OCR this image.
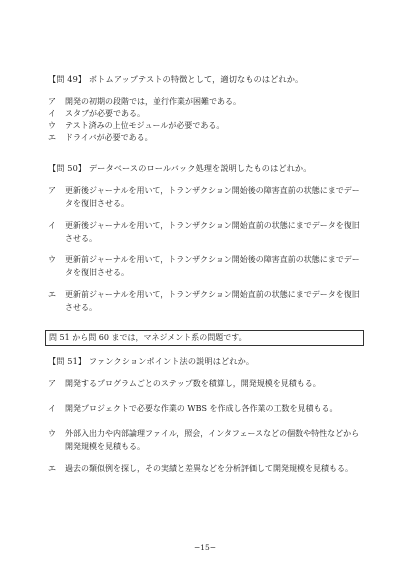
【問 49】 ボトムアップテストの特徴として，適切なものはどれか。
ア	開発の初期の段階では，並行作業が困難である。
イ	スタブが必要である。
ウ	テスト済みの上位モジュールが必要である。
エ	ドライバが必要である。
【問 50】 データベースのロールバック処理を説明したものはどれか。
ア	更新後ジャーナルを用いて，トランザクション開始後の障害直前の状態にまでデータを復旧させる。
イ	更新後ジャーナルを用いて，トランザクション開始直前の状態にまでデータを復旧させる。
ウ	更新前ジャーナルを用いて，トランザクション開始後の障害直前の状態にまでデータを復旧させる。
エ	更新前ジャーナルを用いて，トランザクション開始直前の状態にまでデータを復旧させる。
問 51 から問 60 までは，マネジメント系の問題です。
【問 51】 ファンクションポイント法の説明はどれか。
ア	開発するプログラムごとのステップ数を積算し，開発規模を見積もる。
イ	開発プロジェクトで必要な作業の WBS を作成し各作業の工数を見積もる。
ウ	外部入出力や内部論理ファイル，照会，インタフェースなどの個数や特性などから開発規模を見積もる。
エ	過去の類似例を探し，その実績と差異などを分析評価して開発規模を見積もる。
−15−
